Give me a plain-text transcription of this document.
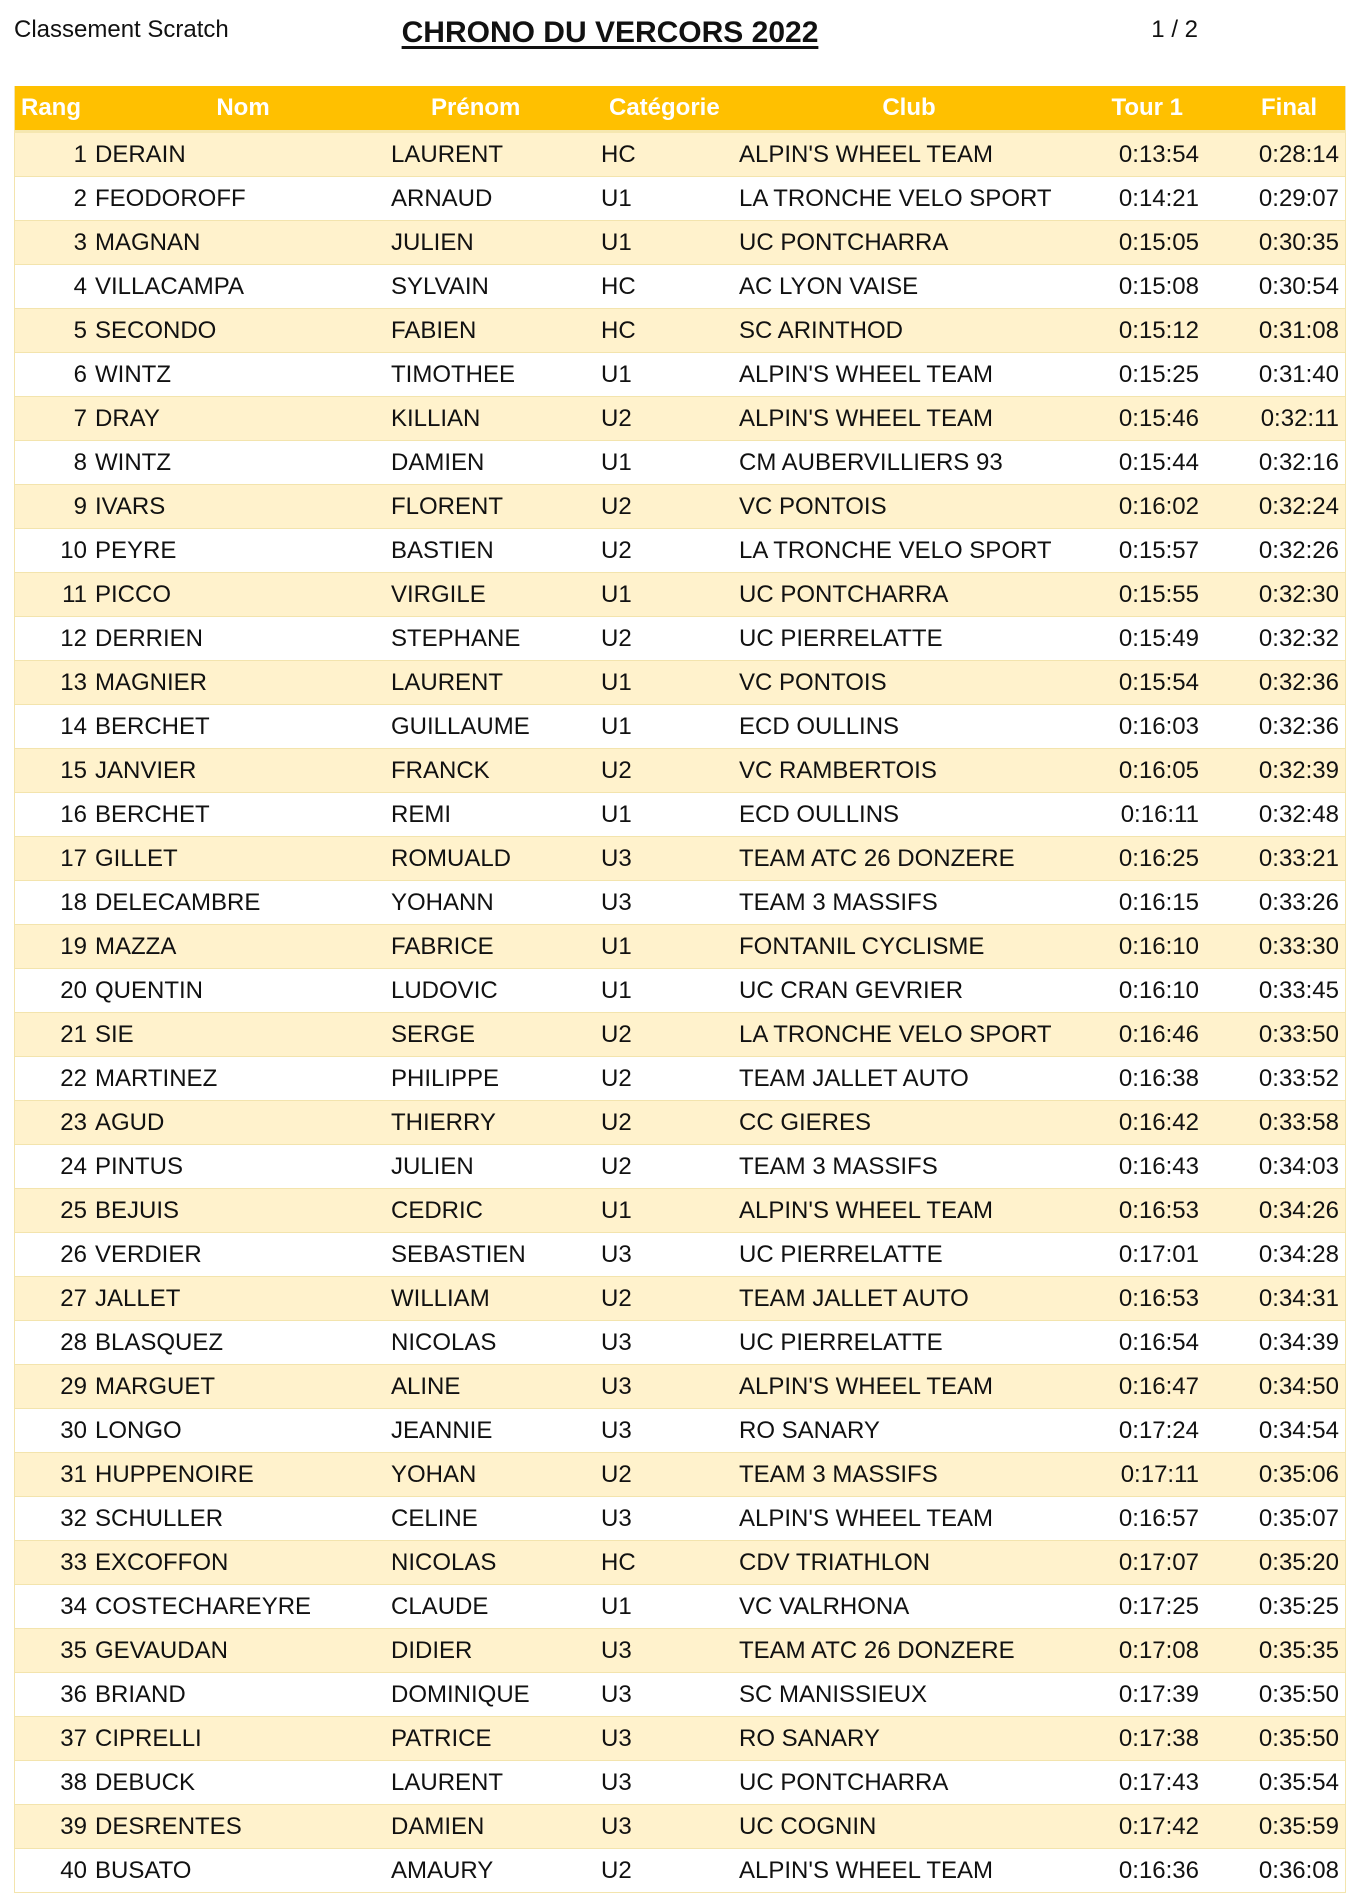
Classement Scratch	CHRONO DU VERCORS 2022	1 / 2
Rang	Nom	Prénom	Catégorie	Club	Tour 1	Final
1	DERAIN	LAURENT	HC	ALPIN'S WHEEL TEAM	0:13:54	0:28:14
2	FEODOROFF	ARNAUD	U1	LA TRONCHE VELO SPORT	0:14:21	0:29:07
3	MAGNAN	JULIEN	U1	UC PONTCHARRA	0:15:05	0:30:35
4	VILLACAMPA	SYLVAIN	HC	AC LYON VAISE	0:15:08	0:30:54
5	SECONDO	FABIEN	HC	SC ARINTHOD	0:15:12	0:31:08
6	WINTZ	TIMOTHEE	U1	ALPIN'S WHEEL TEAM	0:15:25	0:31:40
7	DRAY	KILLIAN	U2	ALPIN'S WHEEL TEAM	0:15:46	0:32:11
8	WINTZ	DAMIEN	U1	CM AUBERVILLIERS 93	0:15:44	0:32:16
9	IVARS	FLORENT	U2	VC PONTOIS	0:16:02	0:32:24
10	PEYRE	BASTIEN	U2	LA TRONCHE VELO SPORT	0:15:57	0:32:26
11	PICCO	VIRGILE	U1	UC PONTCHARRA	0:15:55	0:32:30
12	DERRIEN	STEPHANE	U2	UC PIERRELATTE	0:15:49	0:32:32
13	MAGNIER	LAURENT	U1	VC PONTOIS	0:15:54	0:32:36
14	BERCHET	GUILLAUME	U1	ECD OULLINS	0:16:03	0:32:36
15	JANVIER	FRANCK	U2	VC RAMBERTOIS	0:16:05	0:32:39
16	BERCHET	REMI	U1	ECD OULLINS	0:16:11	0:32:48
17	GILLET	ROMUALD	U3	TEAM ATC 26 DONZERE	0:16:25	0:33:21
18	DELECAMBRE	YOHANN	U3	TEAM 3 MASSIFS	0:16:15	0:33:26
19	MAZZA	FABRICE	U1	FONTANIL CYCLISME	0:16:10	0:33:30
20	QUENTIN	LUDOVIC	U1	UC CRAN GEVRIER	0:16:10	0:33:45
21	SIE	SERGE	U2	LA TRONCHE VELO SPORT	0:16:46	0:33:50
22	MARTINEZ	PHILIPPE	U2	TEAM JALLET AUTO	0:16:38	0:33:52
23	AGUD	THIERRY	U2	CC GIERES	0:16:42	0:33:58
24	PINTUS	JULIEN	U2	TEAM 3 MASSIFS	0:16:43	0:34:03
25	BEJUIS	CEDRIC	U1	ALPIN'S WHEEL TEAM	0:16:53	0:34:26
26	VERDIER	SEBASTIEN	U3	UC PIERRELATTE	0:17:01	0:34:28
27	JALLET	WILLIAM	U2	TEAM JALLET AUTO	0:16:53	0:34:31
28	BLASQUEZ	NICOLAS	U3	UC PIERRELATTE	0:16:54	0:34:39
29	MARGUET	ALINE	U3	ALPIN'S WHEEL TEAM	0:16:47	0:34:50
30	LONGO	JEANNIE	U3	RO SANARY	0:17:24	0:34:54
31	HUPPENOIRE	YOHAN	U2	TEAM 3 MASSIFS	0:17:11	0:35:06
32	SCHULLER	CELINE	U3	ALPIN'S WHEEL TEAM	0:16:57	0:35:07
33	EXCOFFON	NICOLAS	HC	CDV TRIATHLON	0:17:07	0:35:20
34	COSTECHAREYRE	CLAUDE	U1	VC VALRHONA	0:17:25	0:35:25
35	GEVAUDAN	DIDIER	U3	TEAM ATC 26 DONZERE	0:17:08	0:35:35
36	BRIAND	DOMINIQUE	U3	SC MANISSIEUX	0:17:39	0:35:50
37	CIPRELLI	PATRICE	U3	RO SANARY	0:17:38	0:35:50
38	DEBUCK	LAURENT	U3	UC PONTCHARRA	0:17:43	0:35:54
39	DESRENTES	DAMIEN	U3	UC COGNIN	0:17:42	0:35:59
40	BUSATO	AMAURY	U2	ALPIN'S WHEEL TEAM	0:16:36	0:36:08
